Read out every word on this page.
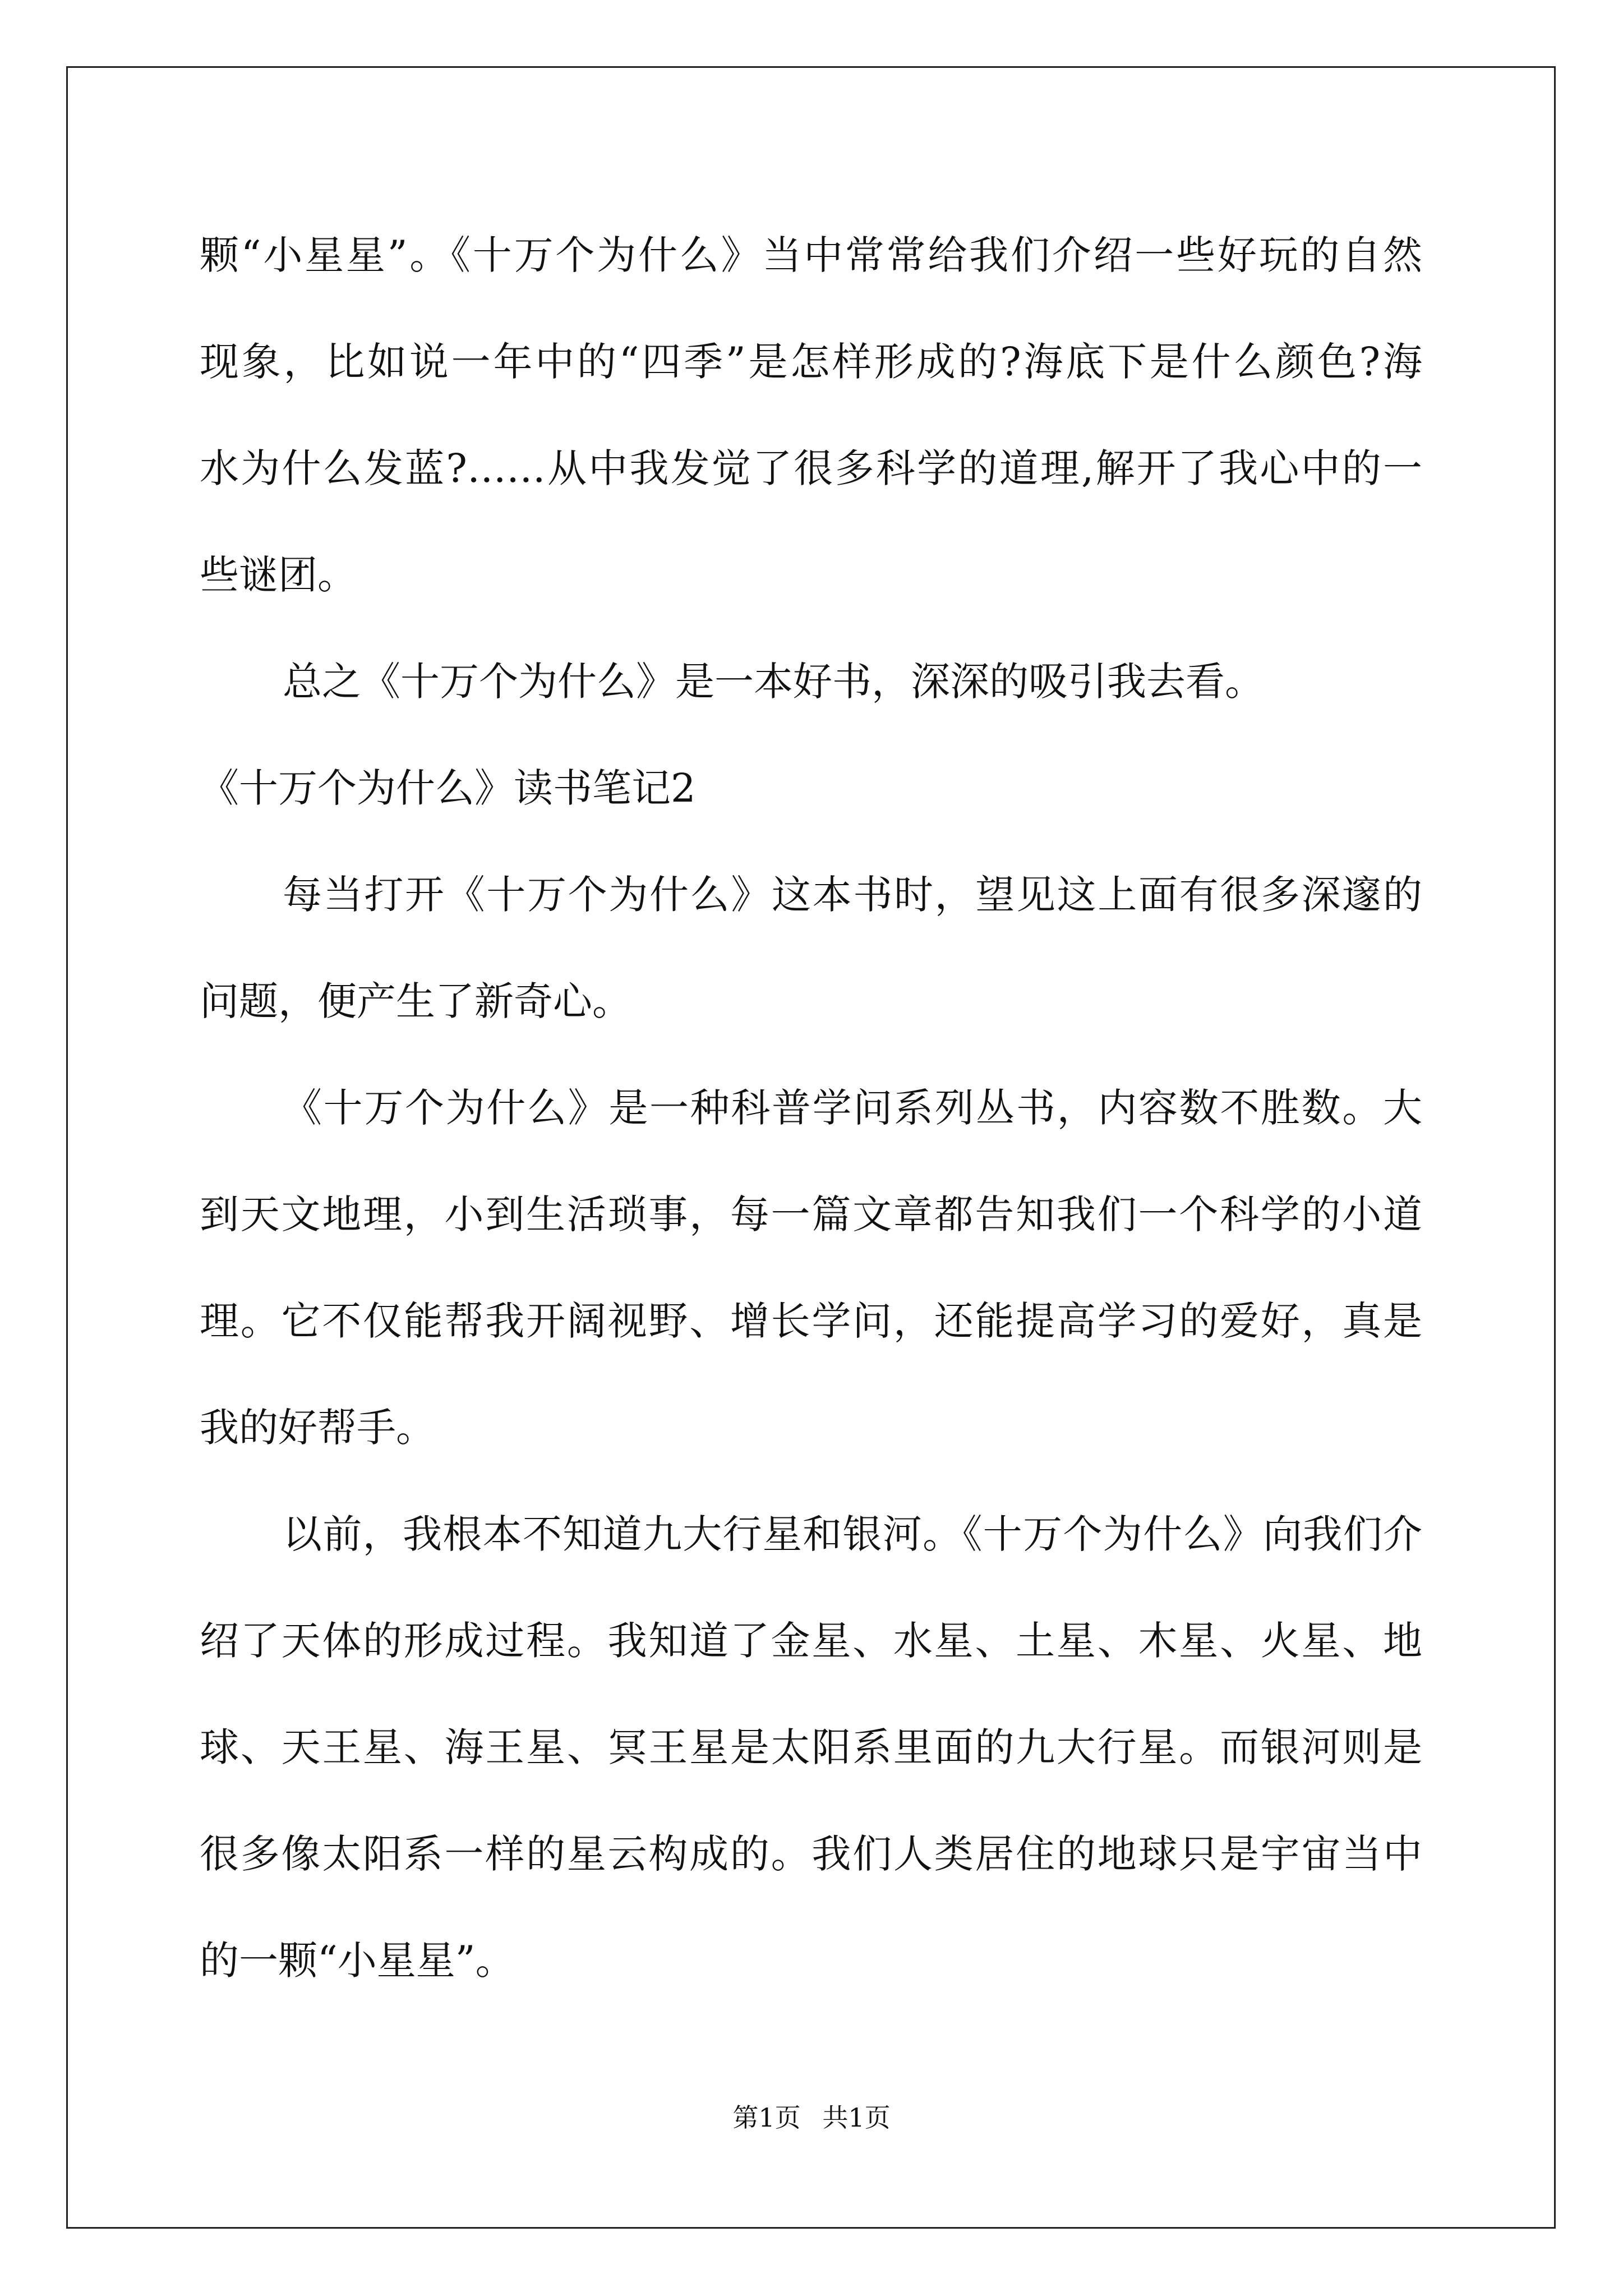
颗“小星星”。《十万个为什么》当中常常给我们介绍一些好玩的自然
现象，比如说一年中的“四季”是怎样形成的?海底下是什么颜色?海
水为什么发蓝?……从中我发觉了很多科学的道理,解开了我心中的一
些谜团。
总之《十万个为什么》是一本好书，深深的吸引我去看。
《十万个为什么》读书笔记2
每当打开《十万个为什么》这本书时，望见这上面有很多深邃的
问题，便产生了新奇心。
《十万个为什么》是一种科普学问系列丛书，内容数不胜数。大
到天文地理，小到生活琐事，每一篇文章都告知我们一个科学的小道
理。它不仅能帮我开阔视野、增长学问，还能提高学习的爱好，真是
我的好帮手。
以前，我根本不知道九大行星和银河。《十万个为什么》向我们介
绍了天体的形成过程。我知道了金星、水星、土星、木星、火星、地
球、天王星、海王星、冥王星是太阳系里面的九大行星。而银河则是
很多像太阳系一样的星云构成的。我们人类居住的地球只是宇宙当中
的一颗“小星星”。
第1页 共1页
